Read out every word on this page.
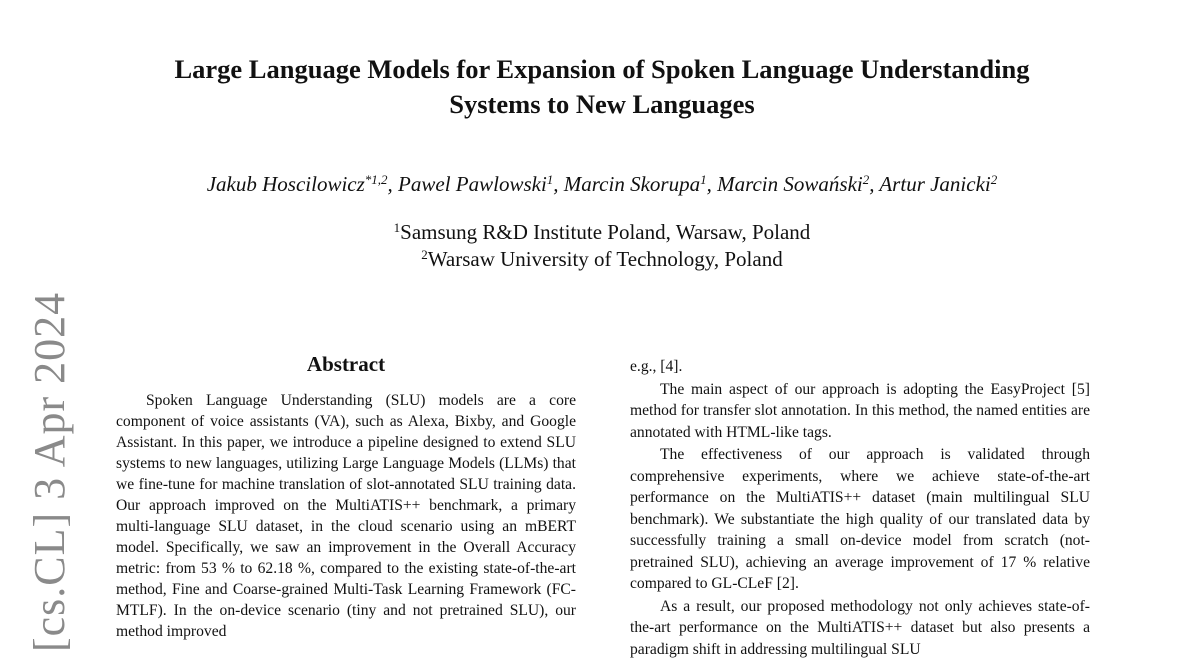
[cs.CL] 3 Apr 2024
Large Language Models for Expansion of Spoken Language Understanding
Systems to New Languages
Jakub Hoscilowicz$^{*1,2}$, Pawel Pawlowski$^1$, Marcin Skorupa$^1$, Marcin Sowański$^2$, Artur Janicki$^2$
$^1$Samsung R&D Institute Poland, Warsaw, Poland
$^2$Warsaw University of Technology, Poland
Abstract

Spoken Language Understanding (SLU) models are a core component of voice assistants (VA), such as Alexa, Bixby, and Google Assistant. In this paper, we introduce a pipeline designed to extend SLU systems to new languages, utilizing Large Language Models (LLMs) that we fine-tune for machine translation of slot-annotated SLU training data. Our approach improved on the MultiATIS++ benchmark, a primary multi-language SLU dataset, in the cloud scenario using an mBERT model. Specifically, we saw an improvement in the Overall Accuracy metric: from 53 % to 62.18 %, compared to the existing state-of-the-art method, Fine and Coarse-grained Multi-Task Learning Framework (FC-MTLF). In the on-device scenario (tiny and not pretrained SLU), our method improved

e.g., [4].

The main aspect of our approach is adopting the EasyProject [5] method for transfer slot annotation. In this method, the named entities are annotated with HTML-like tags.

The effectiveness of our approach is validated through comprehensive experiments, where we achieve state-of-the-art performance on the MultiATIS++ dataset (main multilingual SLU benchmark). We substantiate the high quality of our translated data by successfully training a small on-device model from scratch (not-pretrained SLU), achieving an average improvement of 17 % relative compared to GL-CLeF [2].

As a result, our proposed methodology not only achieves state-of-the-art performance on the MultiATIS++ dataset but also presents a paradigm shift in addressing multilingual SLU
